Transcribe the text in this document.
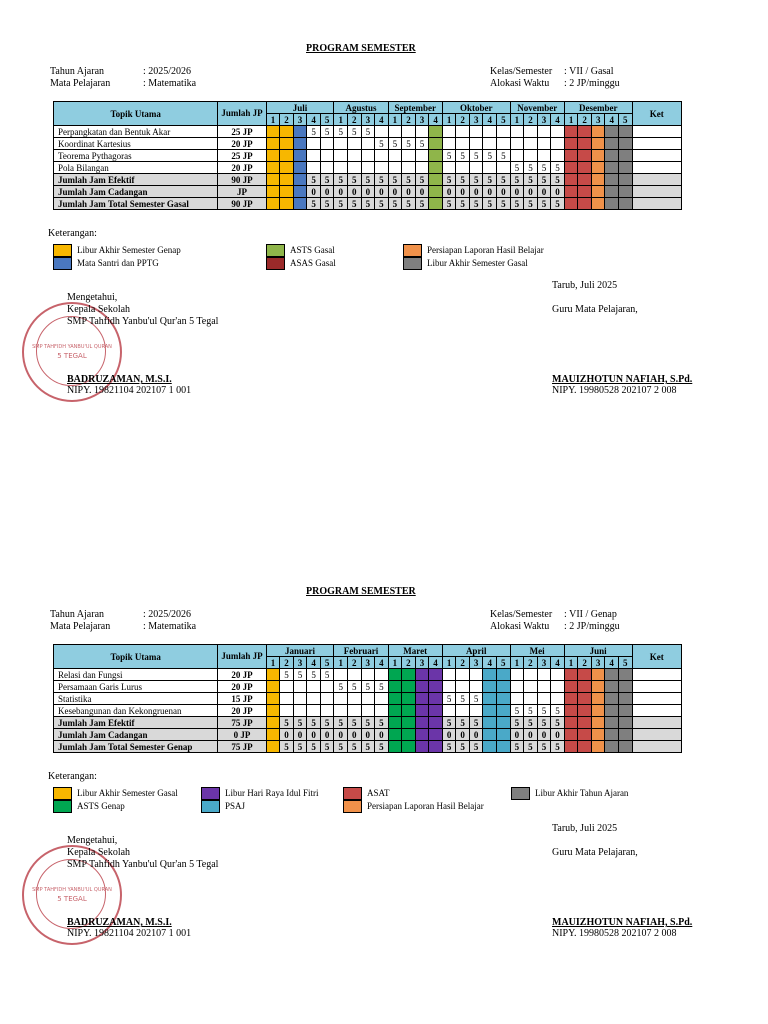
PROGRAM SEMESTER
Tahun Ajaran	: 2025/2026
Mata Pelajaran	: Matematika
Kelas/Semester : VII / Gasal
Alokasi Waktu : 2 JP/minggu
Topik Utama	Jumlah JP	Juli					Agustus				September				Oktober					November				Desember					Ket
		1	2	3	4	5	1	2	3	4	1	2	3	4	1	2	3	4	5	1	2	3	4	1	2	3	4	5	
Perpangkatan dan Bentuk Akar	25 JP				5	5	5	5	5																				
Koordinat Kartesius	20 JP									5	5	5	5																
Teorema Pythagoras	25 JP														5	5	5	5	5										
Pola Bilangan	20 JP																			5	5	5	5						
Jumlah Jam Efektif	90 JP				5	5	5	5	5	5	5	5	5		5	5	5	5	5	5	5	5	5						
Jumlah Jam Cadangan	JP				0	0	0	0	0	0	0	0	0		0	0	0	0	0	0	0	0	0						
Jumlah Jam Total Semester Gasal	90 JP				5	5	5	5	5	5	5	5	5		5	5	5	5	5	5	5	5	5						
Keterangan:
Libur Akhir Semester Genap
Mata Santri dan PPTG
ASTS Gasal
ASAS Gasal
Persiapan Laporan Hasil Belajar
Libur Akhir Semester Gasal
SMP TAHFIDH YANBU'UL QURAN
5 TEGAL
Tarub, Juli 2025
Mengetahui,
Kepala Sekolah
SMP Tahfidh Yanbu'ul Qur'an 5 Tegal
Guru Mata Pelajaran,
BADRUZAMAN, M.S.I.
NIPY. 19821104 202107 1 001
MAUIZHOTUN NAFIAH, S.Pd.
NIPY. 19980528 202107 2 008
PROGRAM SEMESTER
Tahun Ajaran	: 2025/2026
Mata Pelajaran	: Matematika
Kelas/Semester : VII / Genap
Alokasi Waktu : 2 JP/minggu
Topik Utama	Jumlah JP	Januari					Februari				Maret				April					Mei				Juni					Ket
		1	2	3	4	5	1	2	3	4	1	2	3	4	1	2	3	4	5	1	2	3	4	1	2	3	4	5	
Relasi dan Fungsi	20 JP		5	5	5	5																							
Persamaan Garis Lurus	20 JP						5	5	5	5																			
Statistika	15 JP														5	5	5												
Kesebangunan dan Kekongruenan	20 JP																			5	5	5	5						
Jumlah Jam Efektif	75 JP		5	5	5	5	5	5	5	5					5	5	5			5	5	5	5						
Jumlah Jam Cadangan	0 JP		0	0	0	0	0	0	0	0					0	0	0			0	0	0	0						
Jumlah Jam Total Semester Genap	75 JP		5	5	5	5	5	5	5	5					5	5	5			5	5	5	5						
Keterangan:
Libur Akhir Semester Gasal
ASTS Genap
Libur Hari Raya Idul Fitri
PSAJ
ASAT
Persiapan Laporan Hasil Belajar
Libur Akhir Tahun Ajaran
SMP TAHFIDH YANBU'UL QURAN
5 TEGAL
Tarub, Juli 2025
Mengetahui,
Kepala Sekolah
SMP Tahfidh Yanbu'ul Qur'an 5 Tegal
Guru Mata Pelajaran,
BADRUZAMAN, M.S.I.
NIPY. 19821104 202107 1 001
MAUIZHOTUN NAFIAH, S.Pd.
NIPY. 19980528 202107 2 008
